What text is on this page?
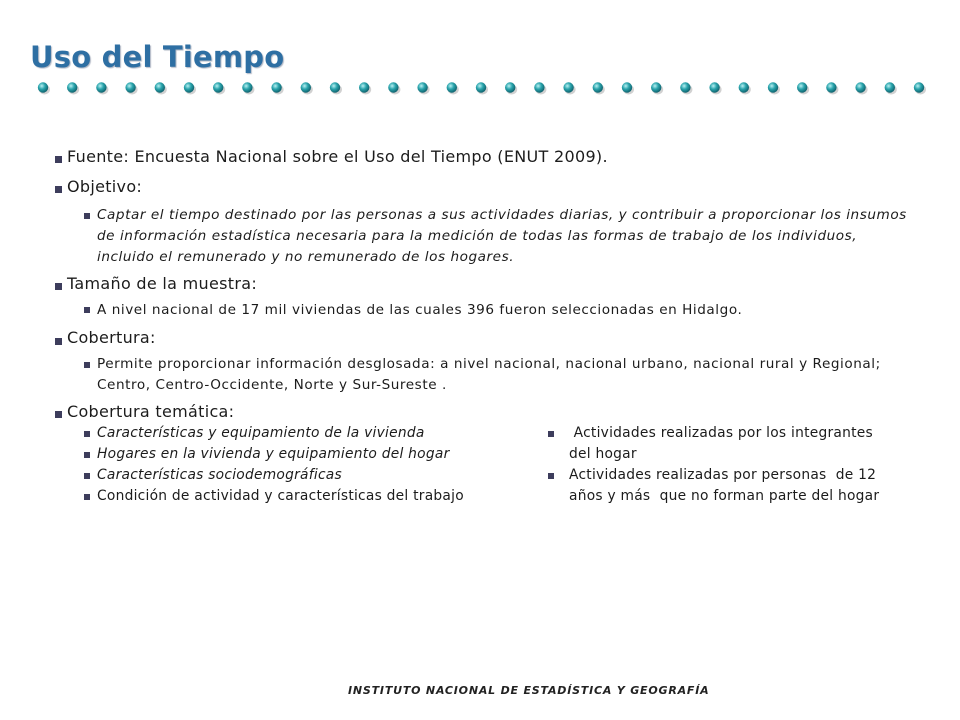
Uso del Tiempo
Fuente: Encuesta Nacional sobre el Uso del Tiempo (ENUT 2009).
Objetivo:
Captar el tiempo destinado por las personas a sus actividades diarias, y contribuir a proporcionar los insumos de información estadística necesaria para la medición de todas las formas de trabajo de los individuos, incluido el remunerado y no remunerado de los hogares.
Tamaño de la muestra:
A nivel nacional de 17 mil viviendas de las cuales 396 fueron seleccionadas en Hidalgo.
Cobertura:
Permite proporcionar información desglosada: a nivel nacional, nacional urbano, nacional rural y Regional; Centro, Centro-Occidente, Norte y Sur-Sureste .
Cobertura temática:
Características y equipamiento de la vivienda
Hogares en la vivienda y equipamiento del hogar
Características sociodemográficas
Condición de actividad y características del trabajo
Actividades realizadas por los integrantes
del hogar
Actividades realizadas por personas  de 12
años y más  que no forman parte del hogar
INSTITUTO NACIONAL DE ESTADÍSTICA Y GEOGRAFÍA
